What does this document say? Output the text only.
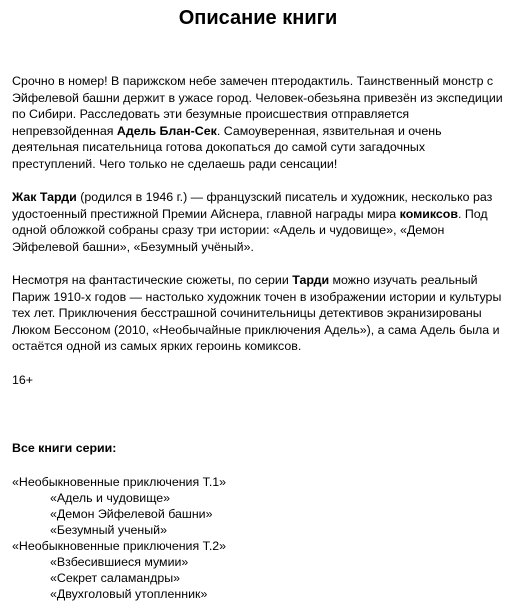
Описание книги

Срочно в номер! В парижском небе замечен птеродактиль. Таинственный монстр с Эйфелевой башни держит в ужасе город. Человек-обезьяна привезён из экспедиции по Сибири. Расследовать эти безумные происшествия отправляется непревзойденная Адель Блан-Сек. Самоуверенная, язвительная и очень деятельная писательница готова докопаться до самой сути загадочных преступлений. Чего только не сделаешь ради сенсации!

Жак Тарди (родился в 1946 г.) — французский писатель и художник, несколько раз удостоенный престижной Премии Айснера, главной награды мира комиксов. Под одной обложкой собраны сразу три истории: «Адель и чудовище», «Демон Эйфелевой башни», «Безумный учёный».

Несмотря на фантастические сюжеты, по серии Тарди можно изучать реальный Париж 1910-х годов — настолько художник точен в изображении истории и культуры тех лет. Приключения бесстрашной сочинительницы детективов экранизированы Люком Бессоном (2010, «Необычайные приключения Адель»), а сама Адель была и остаётся одной из самых ярких героинь комиксов.

16+

Все книги серии:
«Необыкновенные приключения Т.1»
«Адель и чудовище»
«Демон Эйфелевой башни»
«Безумный ученый»
«Необыкновенные приключения Т.2»
«Взбесившиеся мумии»
«Секрет саламандры»
«Двухголовый утопленник»
